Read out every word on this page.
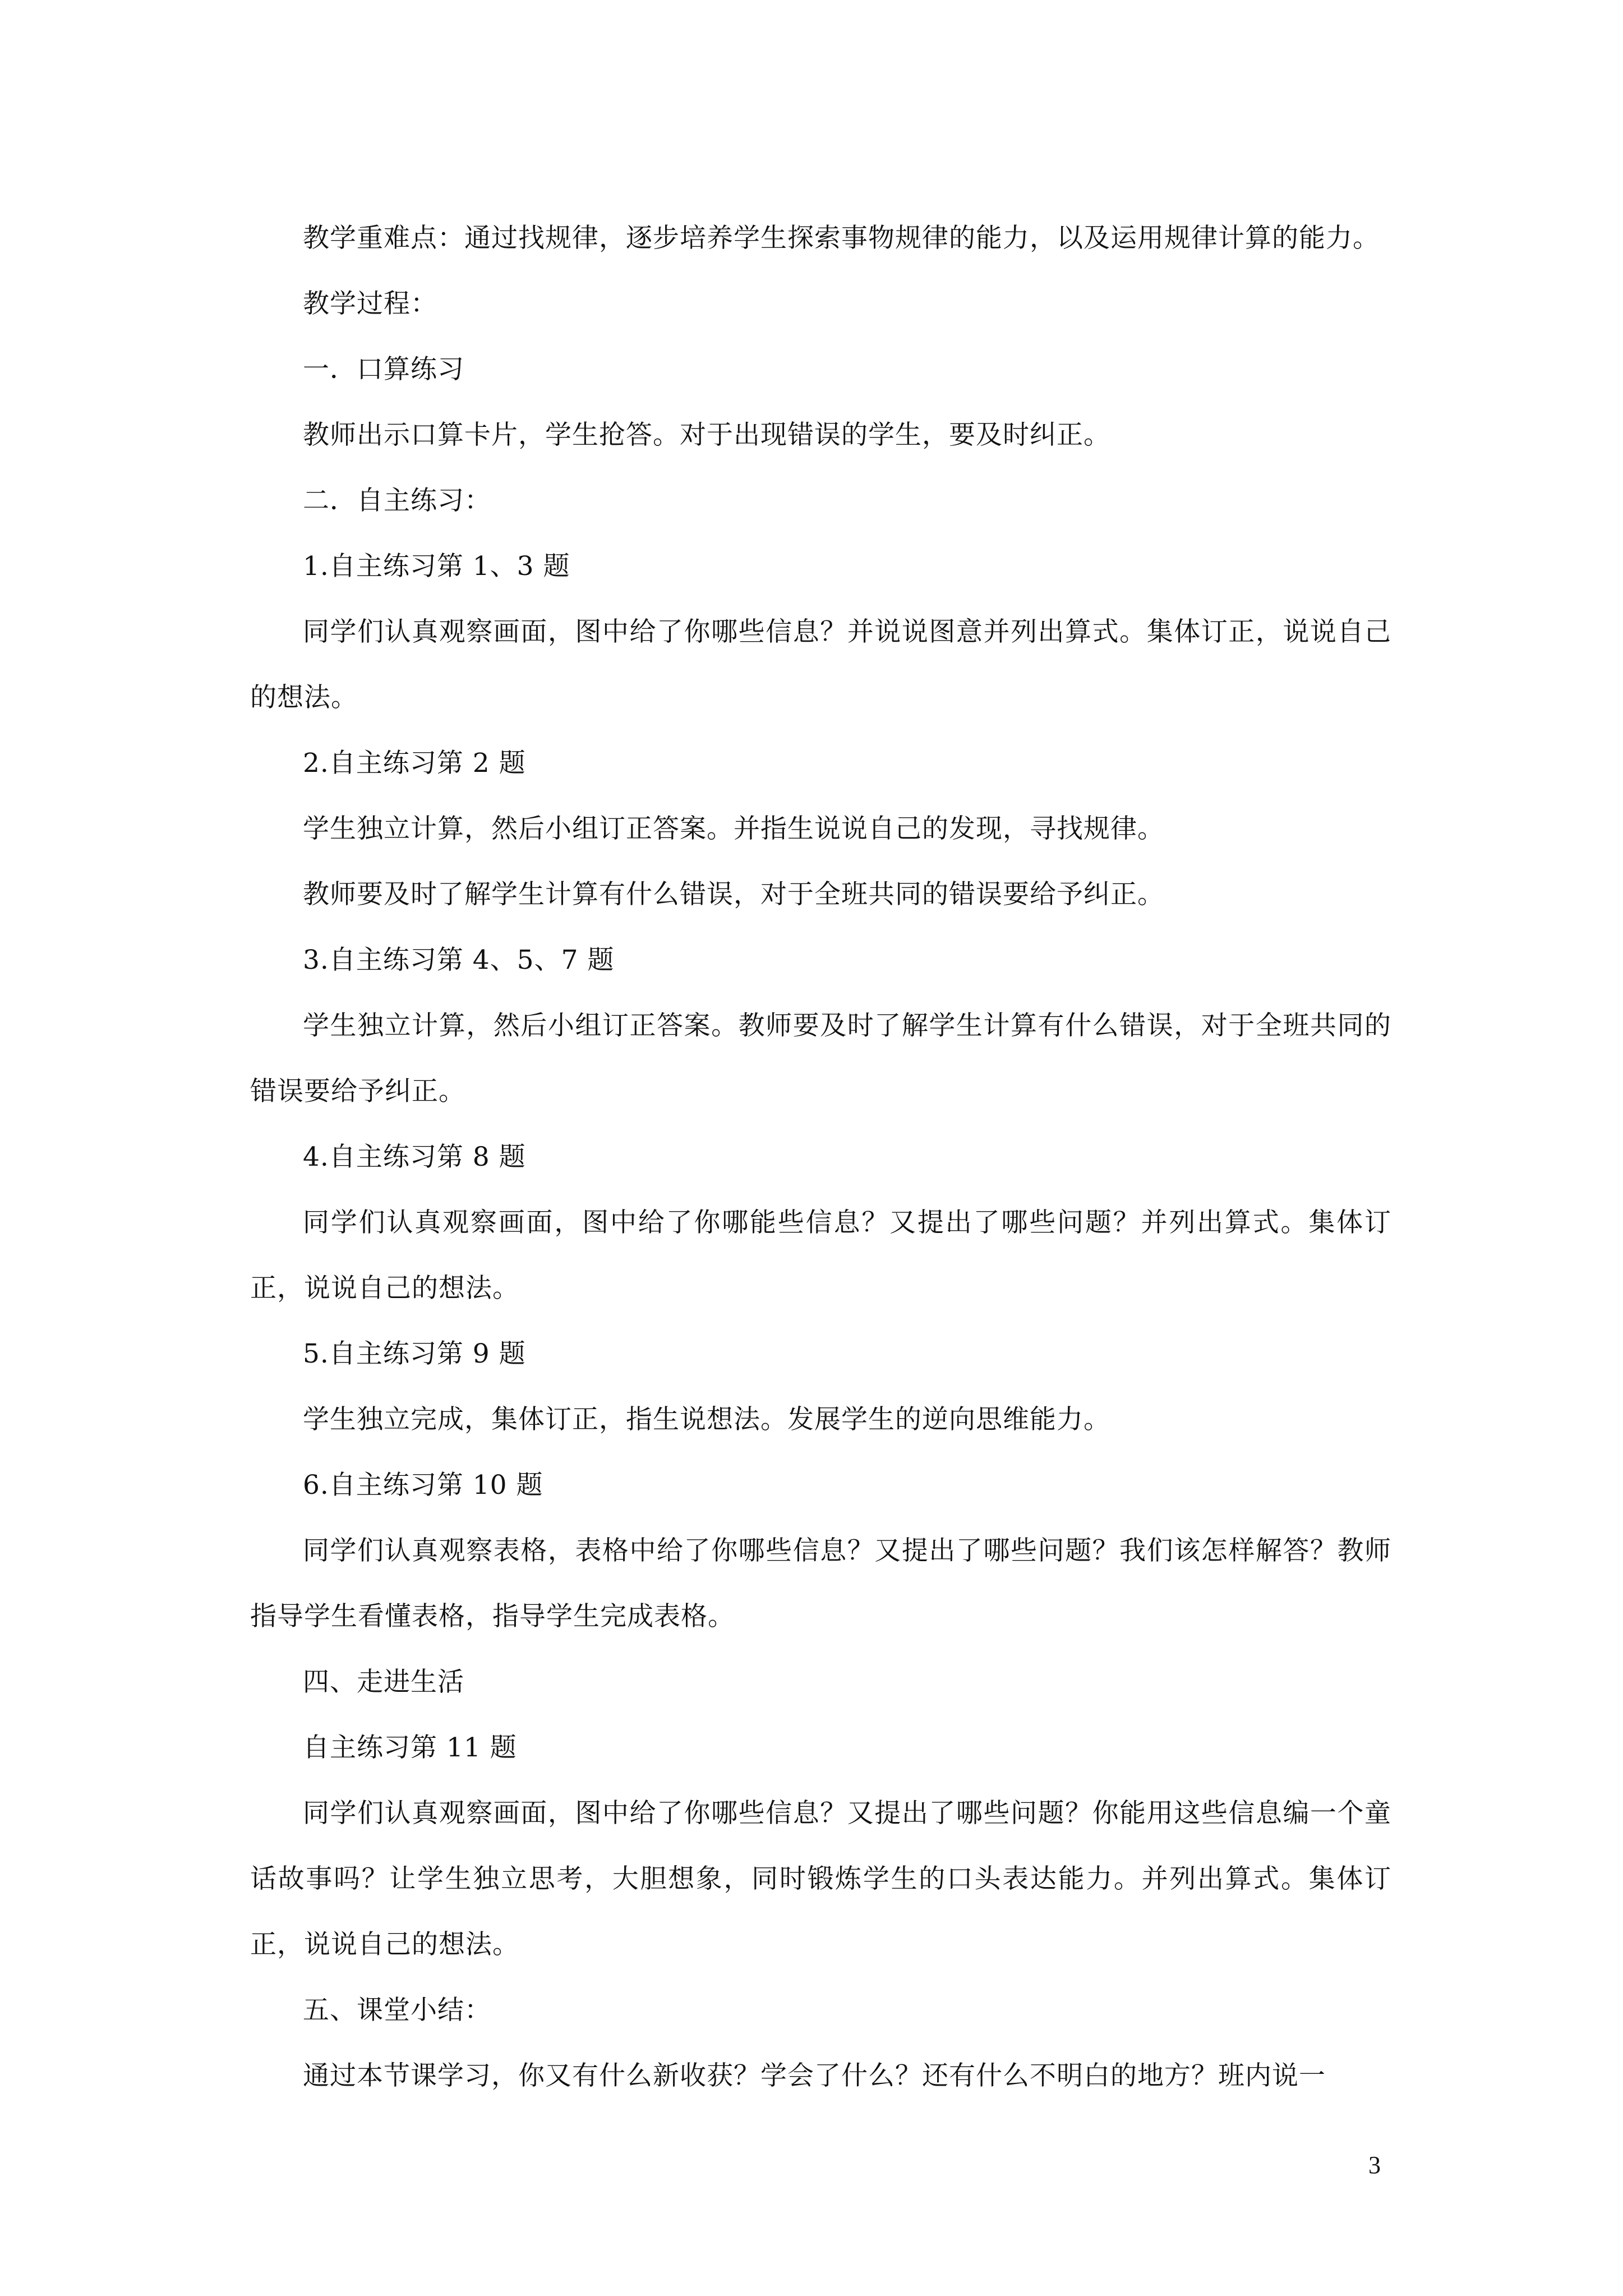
教学重难点：通过找规律，逐步培养学生探索事物规律的能力，以及运用规律计算的能力。

教学过程：

一．口算练习

教师出示口算卡片，学生抢答。对于出现错误的学生，要及时纠正。

二．自主练习：

1.自主练习第 1、3 题

同学们认真观察画面，图中给了你哪些信息？并说说图意并列出算式。集体订正，说说自己的想法。

2.自主练习第 2 题

学生独立计算，然后小组订正答案。并指生说说自己的发现，寻找规律。

教师要及时了解学生计算有什么错误，对于全班共同的错误要给予纠正。

3.自主练习第 4、5、7 题

学生独立计算，然后小组订正答案。教师要及时了解学生计算有什么错误，对于全班共同的错误要给予纠正。

4.自主练习第 8 题

同学们认真观察画面，图中给了你哪能些信息？又提出了哪些问题？并列出算式。集体订正，说说自己的想法。

5.自主练习第 9 题

学生独立完成，集体订正，指生说想法。发展学生的逆向思维能力。

6.自主练习第 10 题

同学们认真观察表格，表格中给了你哪些信息？又提出了哪些问题？我们该怎样解答？教师指导学生看懂表格，指导学生完成表格。

四、走进生活

自主练习第 11 题

同学们认真观察画面，图中给了你哪些信息？又提出了哪些问题？你能用这些信息编一个童话故事吗？让学生独立思考，大胆想象，同时锻炼学生的口头表达能力。并列出算式。集体订正，说说自己的想法。

五、课堂小结：

通过本节课学习，你又有什么新收获？学会了什么？还有什么不明白的地方？班内说一

3
